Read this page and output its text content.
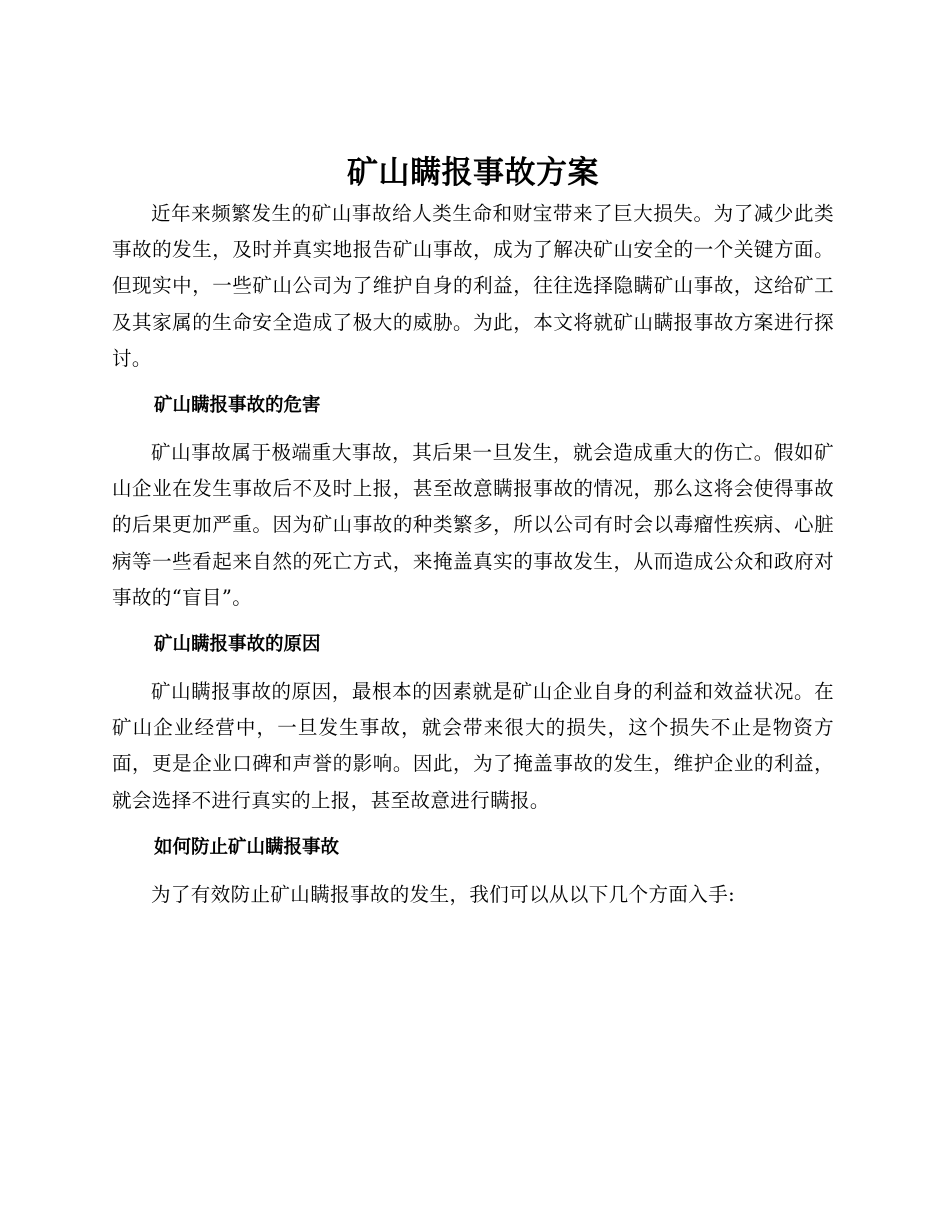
矿山瞒报事故方案

近年来频繁发生的矿山事故给人类生命和财宝带来了巨大损失。为了减少此类事故的发生，及时并真实地报告矿山事故，成为了解决矿山安全的一个关键方面。但现实中，一些矿山公司为了维护自身的利益，往往选择隐瞒矿山事故，这给矿工及其家属的生命安全造成了极大的威胁。为此，本文将就矿山瞒报事故方案进行探讨。

矿山瞒报事故的危害

矿山事故属于极端重大事故，其后果一旦发生，就会造成重大的伤亡。假如矿山企业在发生事故后不及时上报，甚至故意瞒报事故的情况，那么这将会使得事故的后果更加严重。因为矿山事故的种类繁多，所以公司有时会以毒瘤性疾病、心脏病等一些看起来自然的死亡方式，来掩盖真实的事故发生，从而造成公众和政府对事故的“盲目”。

矿山瞒报事故的原因

矿山瞒报事故的原因，最根本的因素就是矿山企业自身的利益和效益状况。在矿山企业经营中，一旦发生事故，就会带来很大的损失，这个损失不止是物资方面，更是企业口碑和声誉的影响。因此，为了掩盖事故的发生，维护企业的利益，就会选择不进行真实的上报，甚至故意进行瞒报。

如何防止矿山瞒报事故

为了有效防止矿山瞒报事故的发生，我们可以从以下几个方面入手:
